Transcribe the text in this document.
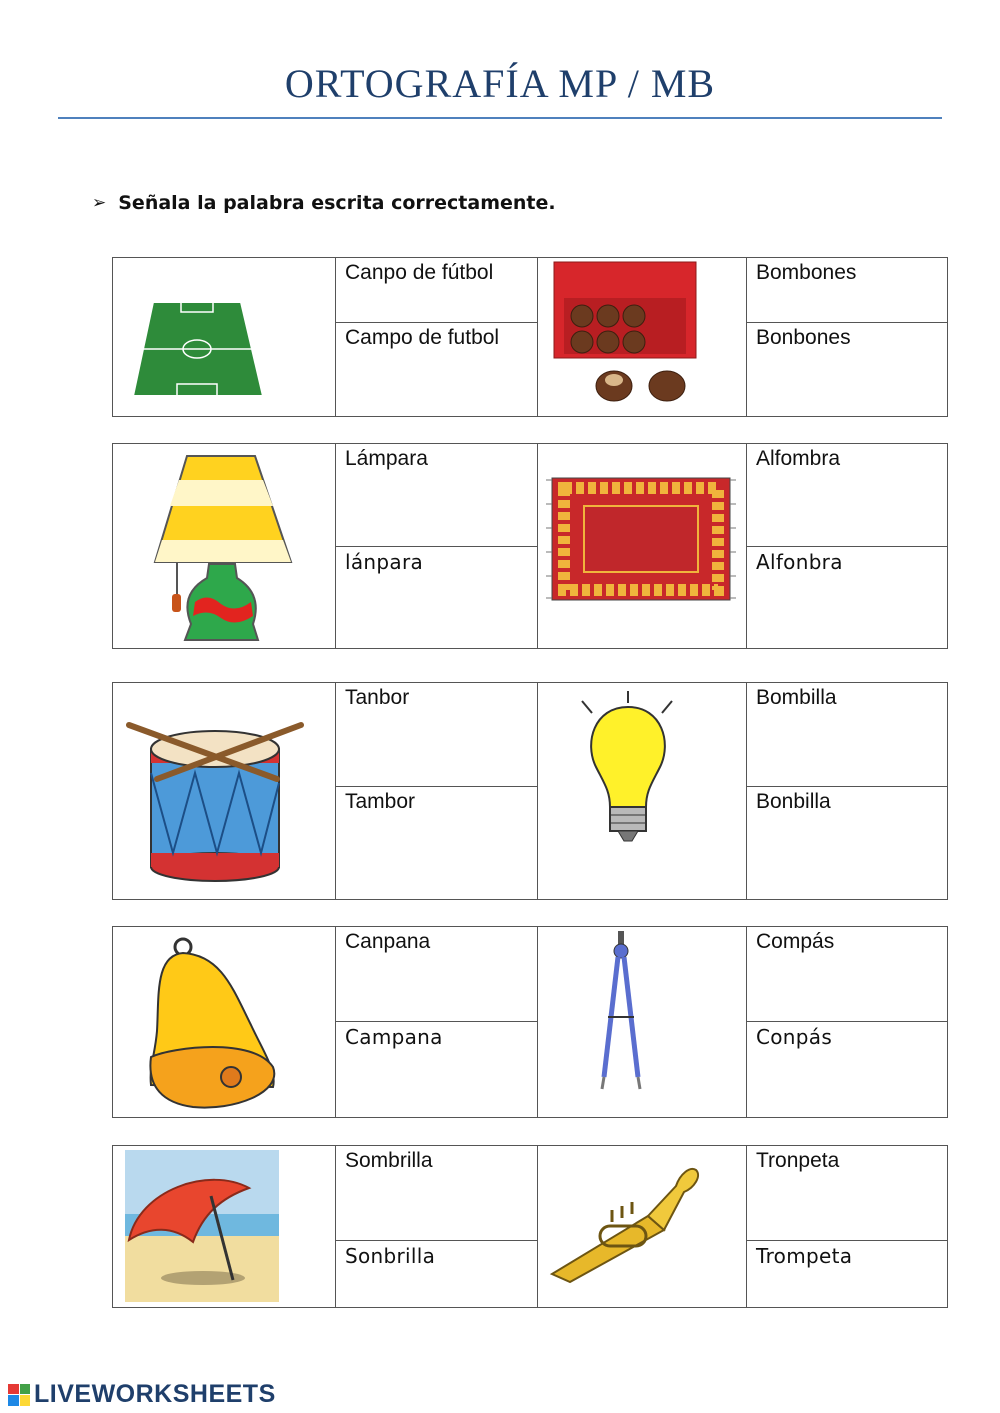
ORTOGRAFÍA MP / MB
➢ Señala la palabra escrita correctamente.
Canpo de fútbol
Campo de futbol
Bombones
Bonbones
Lámpara
lánpara
Alfombra
Alfonbra
Tanbor
Tambor
Bombilla
Bonbilla
Canpana
Campana
Compás
Conpás
Sombrilla
Sonbrilla
Tronpeta
Trompeta
LIVEWORKSHEETS
